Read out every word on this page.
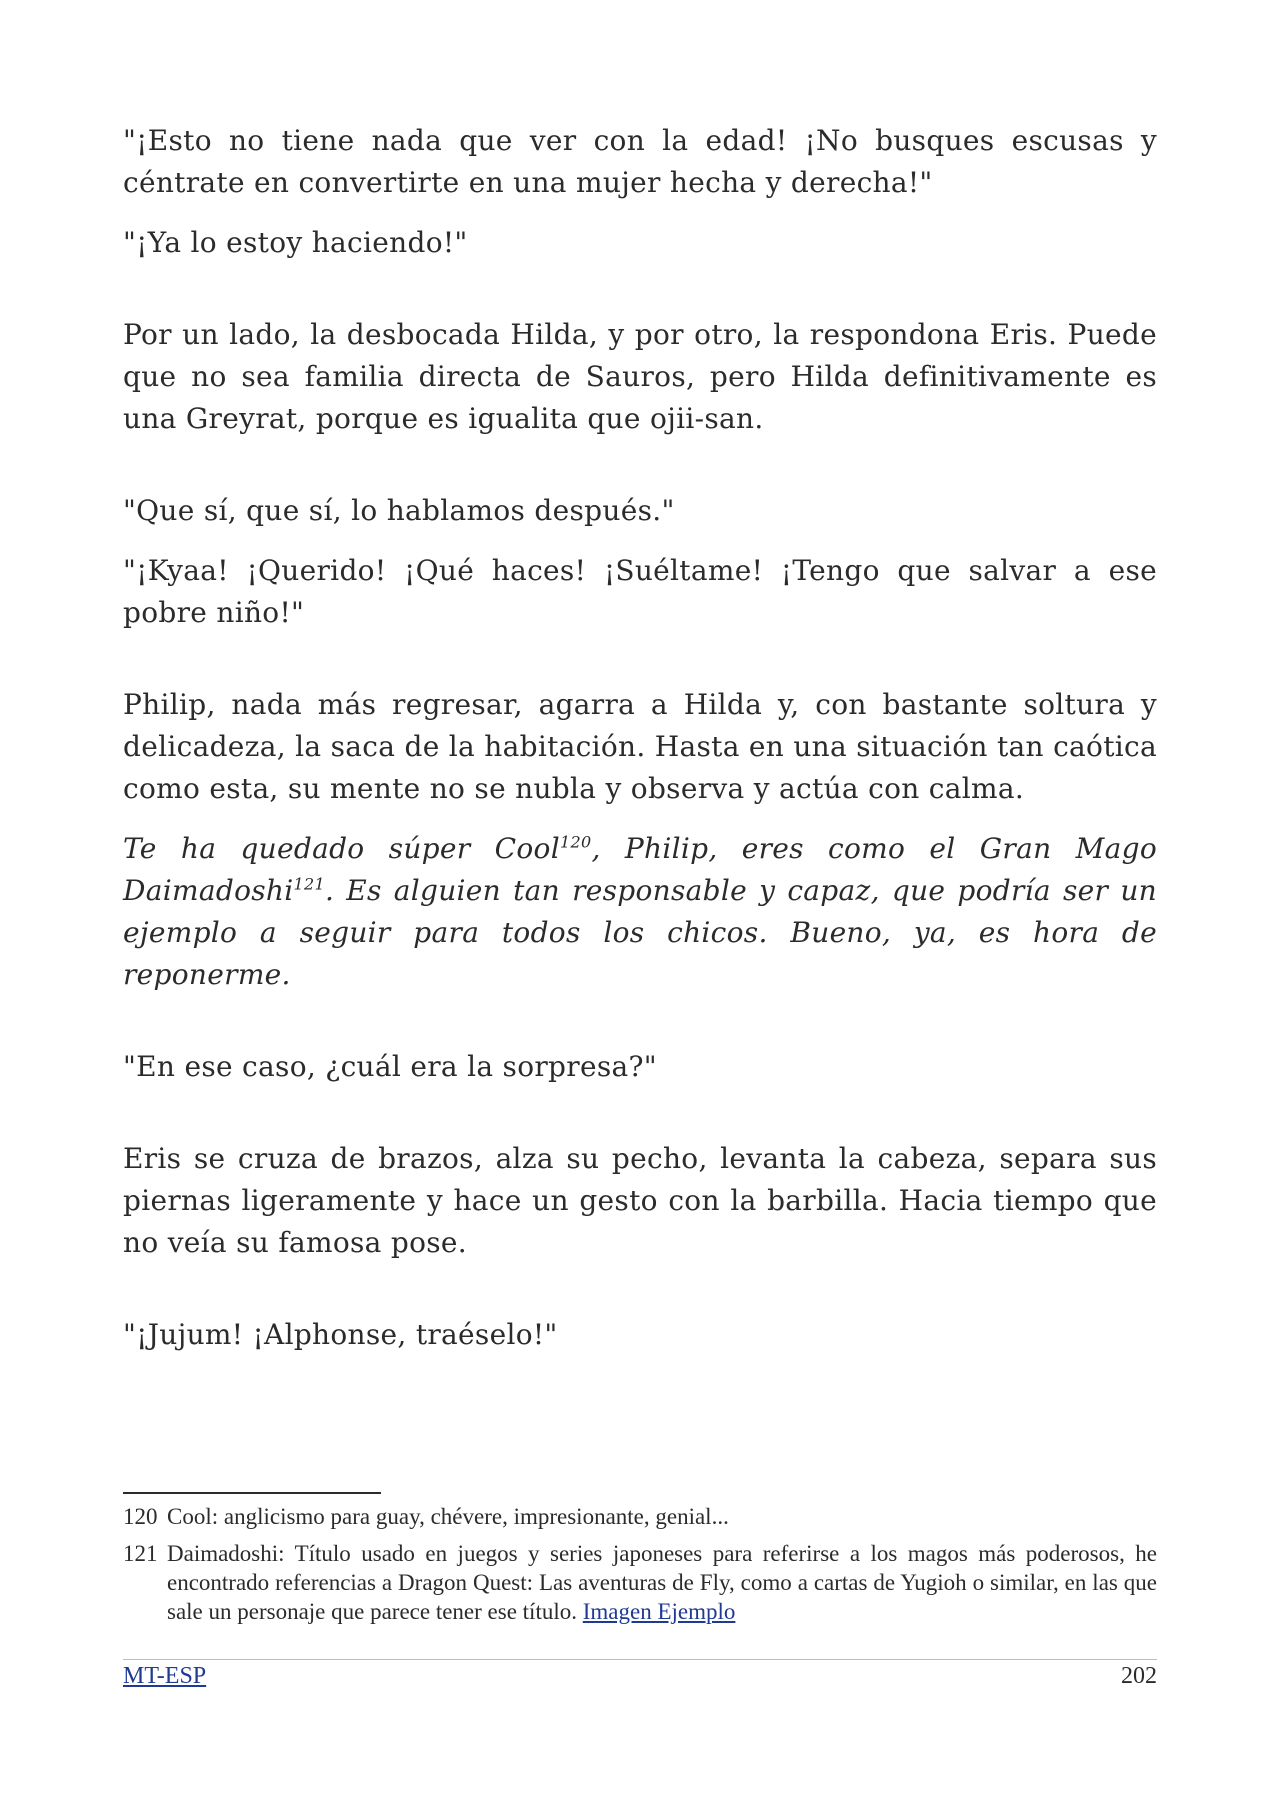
"¡Esto no tiene nada que ver con la edad! ¡No busques escusas y céntrate en convertirte en una mujer hecha y derecha!"

"¡Ya lo estoy haciendo!"

Por un lado, la desbocada Hilda, y por otro, la respondona Eris. Puede que no sea familia directa de Sauros, pero Hilda definitivamente es una Greyrat, porque es igualita que ojii-san.

"Que sí, que sí, lo hablamos después."

"¡Kyaa! ¡Querido! ¡Qué haces! ¡Suéltame! ¡Tengo que salvar a ese pobre niño!"

Philip, nada más regresar, agarra a Hilda y, con bastante soltura y delicadeza, la saca de la habitación. Hasta en una situación tan caótica como esta, su mente no se nubla y observa y actúa con calma.

Te ha quedado súper Cool$^{120}$, Philip, eres como el Gran Mago Daimadoshi$^{121}$. Es alguien tan responsable y capaz, que podría ser un ejemplo a seguir para todos los chicos. Bueno, ya, es hora de reponerme.

"En ese caso, ¿cuál era la sorpresa?"

Eris se cruza de brazos, alza su pecho, levanta la cabeza, separa sus piernas ligeramente y hace un gesto con la barbilla. Hacia tiempo que no veía su famosa pose.

"¡Jujum! ¡Alphonse, traéselo!"

120 Cool: anglicismo para guay, chévere, impresionante, genial...
121 Daimadoshi: Título usado en juegos y series japoneses para referirse a los magos más poderosos, he encontrado referencias a Dragon Quest: Las aventuras de Fly, como a cartas de Yugioh o similar, en las que sale un personaje que parece tener ese título. Imagen Ejemplo
MT-ESP	202
